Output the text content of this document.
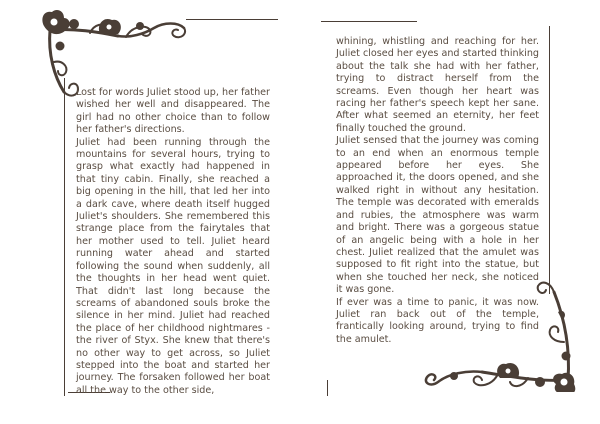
Lost for words Juliet stood up, her father wished her well and disappeared. The girl had no other choice than to follow her father's directions.

Juliet had been running through the mountains for several hours, trying to grasp what exactly had happened in that tiny cabin. Finally, she reached a big opening in the hill, that led her into a dark cave, where death itself hugged Juliet's shoulders. She remembered this strange place from the fairytales that her mother used to tell. Juliet heard running water ahead and started following the sound when suddenly, all the thoughts in her head went quiet. That didn't last long because the screams of abandoned souls broke the silence in her mind. Juliet had reached the place of her childhood nightmares - the river of Styx. She knew that there's no other way to get across, so Juliet stepped into the boat and started her journey. The forsaken followed her boat all the way to the other side,

whining, whistling and reaching for her. Juliet closed her eyes and started thinking about the talk she had with her father, trying to distract herself from the screams. Even though her heart was racing her father's speech kept her sane. After what seemed an eternity, her feet finally touched the ground.

Juliet sensed that the journey was coming to an end when an enormous temple appeared before her eyes. She approached it, the doors opened, and she walked right in without any hesitation. The temple was decorated with emeralds and rubies, the atmosphere was warm and bright. There was a gorgeous statue of an angelic being with a hole in her chest. Juliet realized that the amulet was supposed to fit right into the statue, but when she touched her neck, she noticed it was gone.

If ever was a time to panic, it was now. Juliet ran back out of the temple, frantically looking around, trying to find the amulet.
